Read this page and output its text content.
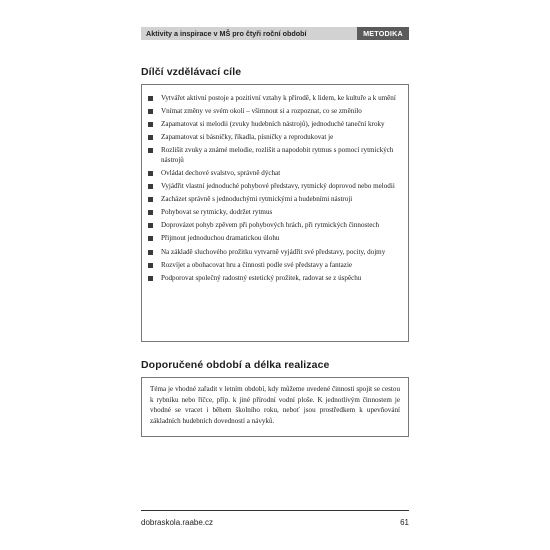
Aktivity a inspirace v MŠ pro čtyři roční období	METODIKA
Dílčí vzdělávací cíle
Vytvářet aktivní postoje a pozitivní vztahy k přírodě, k lidem, ke kultuře a k umění
Vnímat změny ve svém okolí – všimnout si a rozpoznat, co se změnilo
Zapamatovat si melodii (zvuky hudebních nástrojů), jednoduché taneční kroky
Zapamatovat si básničky, říkadla, písničky a reprodukovat je
Rozlišit zvuky a známé melodie, rozlišit a napodobit rytmus s pomocí rytmických nástrojů
Ovládat dechové svalstvo, správně dýchat
Vyjádřit vlastní jednoduché pohybové představy, rytmický doprovod nebo melodii
Zacházet správně s jednoduchými rytmickými a hudebními nástroji
Pohybovat se rytmicky, dodržet rytmus
Doprovázet pohyb zpěvem při pohybových hrách, při rytmických činnostech
Přijmout jednoduchou dramatickou úlohu
Na základě sluchového prožitku vytvarně vyjádřit své představy, pocity, dojmy
Rozvíjet a obohacovat hru a činnosti podle své představy a fantazie
Podporovat společný radostný estetický prožitek, radovat se z úspěchu
Doporučené období a délka realizace
Téma je vhodné zařadit v letním období, kdy můžeme uvedené činnosti spojit se cestou k rybníku nebo říčce, příp. k jiné přírodní vodní ploše. K jednotlivým činnostem je vhodné se vracet i během školního roku, neboť jsou prostředkem k upevňování základních hudebních dovedností a návyků.
dobraskola.raabe.cz	61
